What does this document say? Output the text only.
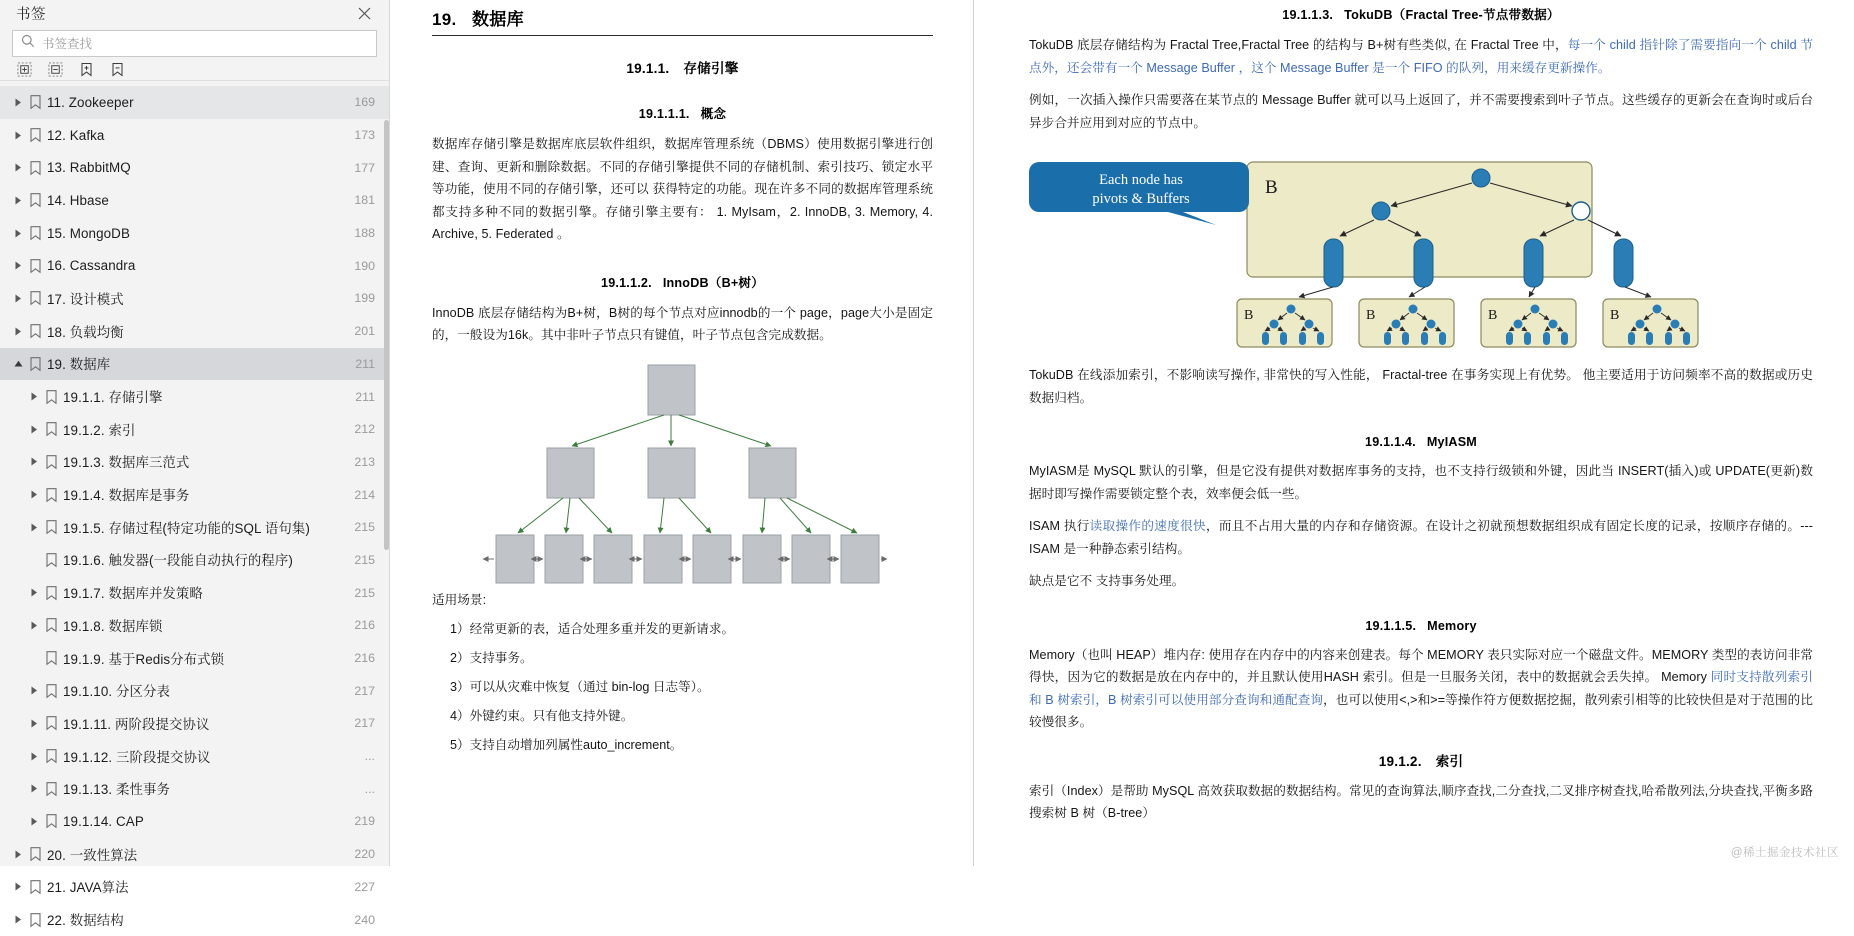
书签
书签查找
11. Zookeeper	169
12. Kafka	173
13. RabbitMQ	177
14. Hbase	181
15. MongoDB	188
16. Cassandra	190
17. 设计模式	199
18. 负载均衡	201
19. 数据库	211
19.1.1. 存储引擎	211
19.1.2. 索引	212
19.1.3. 数据库三范式	213
19.1.4. 数据库是事务	214
19.1.5. 存储过程(特定功能的SQL 语句集)	215
19.1.6. 触发器(一段能自动执行的程序)	215
19.1.7. 数据库并发策略	215
19.1.8. 数据库锁	216
19.1.9. 基于Redis分布式锁	216
19.1.10. 分区分表	217
19.1.11. 两阶段提交协议	217
19.1.12. 三阶段提交协议	...
19.1.13. 柔性事务	...
19.1.14. CAP	219
20. 一致性算法	220
21. JAVA算法	227
22. 数据结构	240
19. 数据库
19.1.1. 存储引擎
19.1.1.1. 概念

数据库存储引擎是数据库底层软件组织，数据库管理系统（DBMS）使用数据引擎进行创建、查询、更新和删除数据。不同的存储引擎提供不同的存储机制、索引技巧、锁定水平等功能，使用不同的存储引擎，还可以 获得特定的功能。现在许多不同的数据库管理系统都支持多种不同的数据引擎。存储引擎主要有： 1. MyIsam，2. InnoDB, 3. Memory, 4. Archive, 5. Federated 。

19.1.1.2. InnoDB（B+树）

InnoDB 底层存储结构为B+树，B树的每个节点对应innodb的一个 page，page大小是固定的，一般设为16k。其中非叶子节点只有键值，叶子节点包含完成数据。

适用场景:

1）经常更新的表，适合处理多重并发的更新请求。
2）支持事务。
3）可以从灾难中恢复（通过 bin-log 日志等）。
4）外键约束。只有他支持外键。
5）支持自动增加列属性auto_increment。
19.1.1.3. TokuDB（Fractal Tree-节点带数据）

TokuDB 底层存储结构为 Fractal Tree,Fractal Tree 的结构与 B+树有些类似, 在 Fractal Tree 中，每一个 child 指针除了需要指向一个 child 节点外，还会带有一个 Message Buffer ，这个 Message Buffer 是一个 FIFO 的队列，用来缓存更新操作。

例如，一次插入操作只需要落在某节点的 Message Buffer 就可以马上返回了，并不需要搜索到叶子节点。这些缓存的更新会在查询时或后台异步合并应用到对应的节点中。

B
Each node has
pivots & Buffers
B	B	B	B

TokuDB 在线添加索引，不影响读写操作, 非常快的写入性能， Fractal-tree 在事务实现上有优势。 他主要适用于访问频率不高的数据或历史数据归档。

19.1.1.4. MyIASM

MyIASM是 MySQL 默认的引擎，但是它没有提供对数据库事务的支持，也不支持行级锁和外键，因此当 INSERT(插入)或 UPDATE(更新)数据时即写操作需要锁定整个表，效率便会低一些。

ISAM 执行读取操作的速度很快，而且不占用大量的内存和存储资源。在设计之初就预想数据组织成有固定长度的记录，按顺序存储的。---ISAM 是一种静态索引结构。

缺点是它不 支持事务处理。

19.1.1.5. Memory

Memory（也叫 HEAP）堆内存: 使用存在内存中的内容来创建表。每个 MEMORY 表只实际对应一个磁盘文件。MEMORY 类型的表访问非常得快，因为它的数据是放在内存中的，并且默认使用HASH 索引。但是一旦服务关闭，表中的数据就会丢失掉。 Memory 同时支持散列索引和 B 树索引，B 树索引可以使用部分查询和通配查询，也可以使用<,>和>=等操作符方便数据挖掘，散列索引相等的比较快但是对于范围的比较慢很多。

19.1.2. 索引

索引（Index）是帮助 MySQL 高效获取数据的数据结构。常见的查询算法,顺序查找,二分查找,二叉排序树查找,哈希散列法,分块查找,平衡多路搜索树 B 树（B-tree）

@稀土掘金技术社区
